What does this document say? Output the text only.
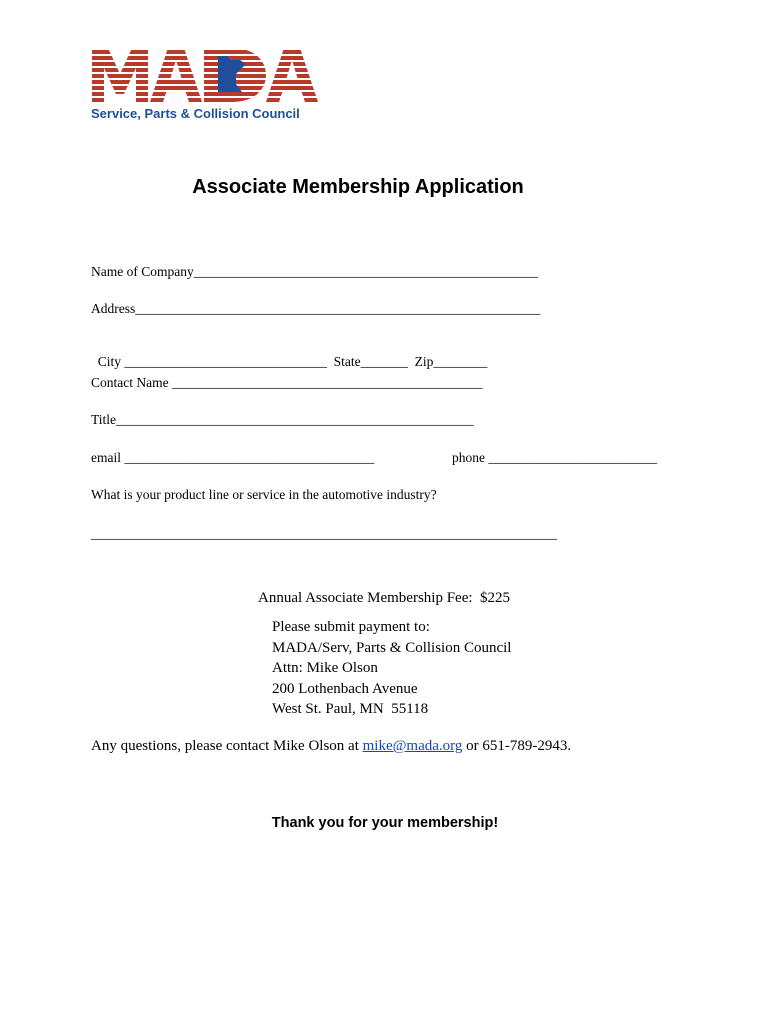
Service, Parts & Collision Council
Associate Membership Application
Name of Company___________________________________________________
Address____________________________________________________________

City ______________________________ State_______ Zip________

Contact Name ______________________________________________
Title_____________________________________________________
email _____________________________________	phone _________________________
What is your product line or service in the automotive industry?
_____________________________________________________________________
Annual Associate Membership Fee:  $225
Please submit payment to:
MADA/Serv, Parts & Collision Council
Attn: Mike Olson
200 Lothenbach Avenue
West St. Paul, MN  55118
Any questions, please contact Mike Olson at mike@mada.org or 651-789-2943.
Thank you for your membership!
